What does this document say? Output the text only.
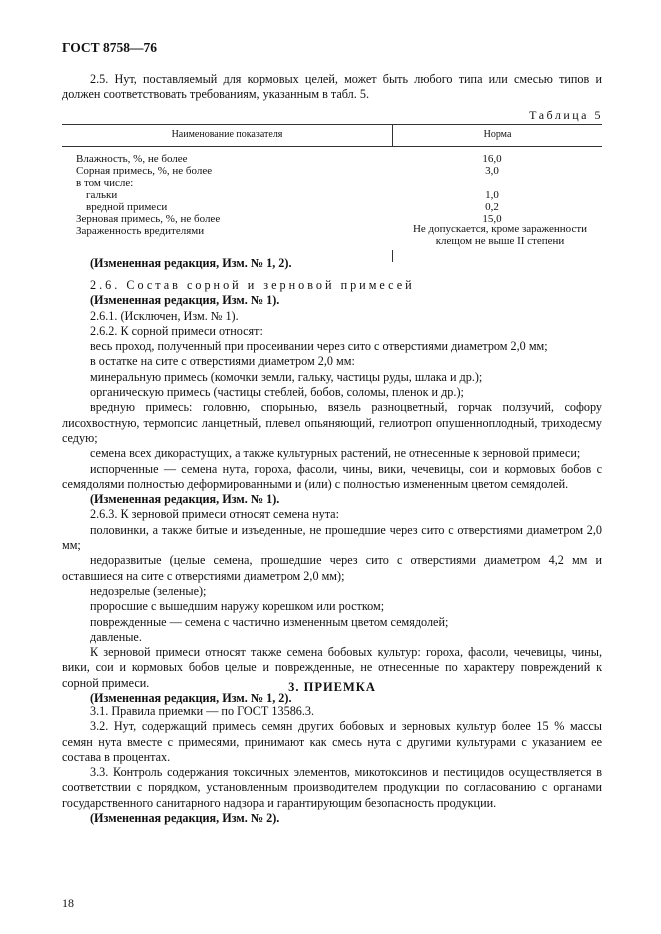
ГОСТ 8758—76

2.5. Нут, поставляемый для кормовых целей, может быть любого типа или смесью типов и должен соответствовать требованиям, указанным в табл. 5.

Таблица 5
Наименование показателя	Норма
Влажность, %, не более	16,0
Сорная примесь, %, не более	3,0
в том числе:
гальки	1,0
вредной примеси	0,2
Зерновая примесь, %, не более	15,0
Зараженность вредителями	Не допускается, кроме зараженности клещом не выше II степени

(Измененная редакция, Изм. № 1, 2).

2.6. Состав сорной и зерновой примесей

(Измененная редакция, Изм. № 1).

2.6.1. (Исключен, Изм. № 1).

2.6.2. К сорной примеси относят:

весь проход, полученный при просеивании через сито с отверстиями диаметром 2,0 мм;

в остатке на сите с отверстиями диаметром 2,0 мм:

минеральную примесь (комочки земли, гальку, частицы руды, шлака и др.);

органическую примесь (частицы стеблей, бобов, соломы, пленок и др.);

вредную примесь: головню, спорынью, вязель разноцветный, горчак ползучий, софору лисохвостную, термопсис ланцетный, плевел опьяняющий, гелиотроп опушенноплодный, триходесму седую;

семена всех дикорастущих, а также культурных растений, не отнесенные к зерновой примеси;

испорченные — семена нута, гороха, фасоли, чины, вики, чечевицы, сои и кормовых бобов с семядолями полностью деформированными и (или) с полностью измененным цветом семядолей.

(Измененная редакция, Изм. № 1).

2.6.3. К зерновой примеси относят семена нута:

половинки, а также битые и изъеденные, не прошедшие через сито с отверстиями диаметром 2,0 мм;

недоразвитые (целые семена, прошедшие через сито с отверстиями диаметром 4,2 мм и оставшиеся на сите с отверстиями диаметром 2,0 мм);

недозрелые (зеленые);

проросшие с вышедшим наружу корешком или ростком;

поврежденные — семена с частично измененным цветом семядолей;

давленые.

К зерновой примеси относят также семена бобовых культур: гороха, фасоли, чечевицы, чины, вики, сои и кормовых бобов целые и поврежденные, не отнесенные по характеру повреждений к сорной примеси.

(Измененная редакция, Изм. № 1, 2).

3. ПРИЕМКА

3.1. Правила приемки — по ГОСТ 13586.3.

3.2. Нут, содержащий примесь семян других бобовых и зерновых культур более 15 % массы семян нута вместе с примесями, принимают как смесь нута с другими культурами с указанием ее состава в процентах.

3.3. Контроль содержания токсичных элементов, микотоксинов и пестицидов осуществляется в соответствии с порядком, установленным производителем продукции по согласованию с органами государственного санитарного надзора и гарантирующим безопасность продукции.

(Измененная редакция, Изм. № 2).

18
